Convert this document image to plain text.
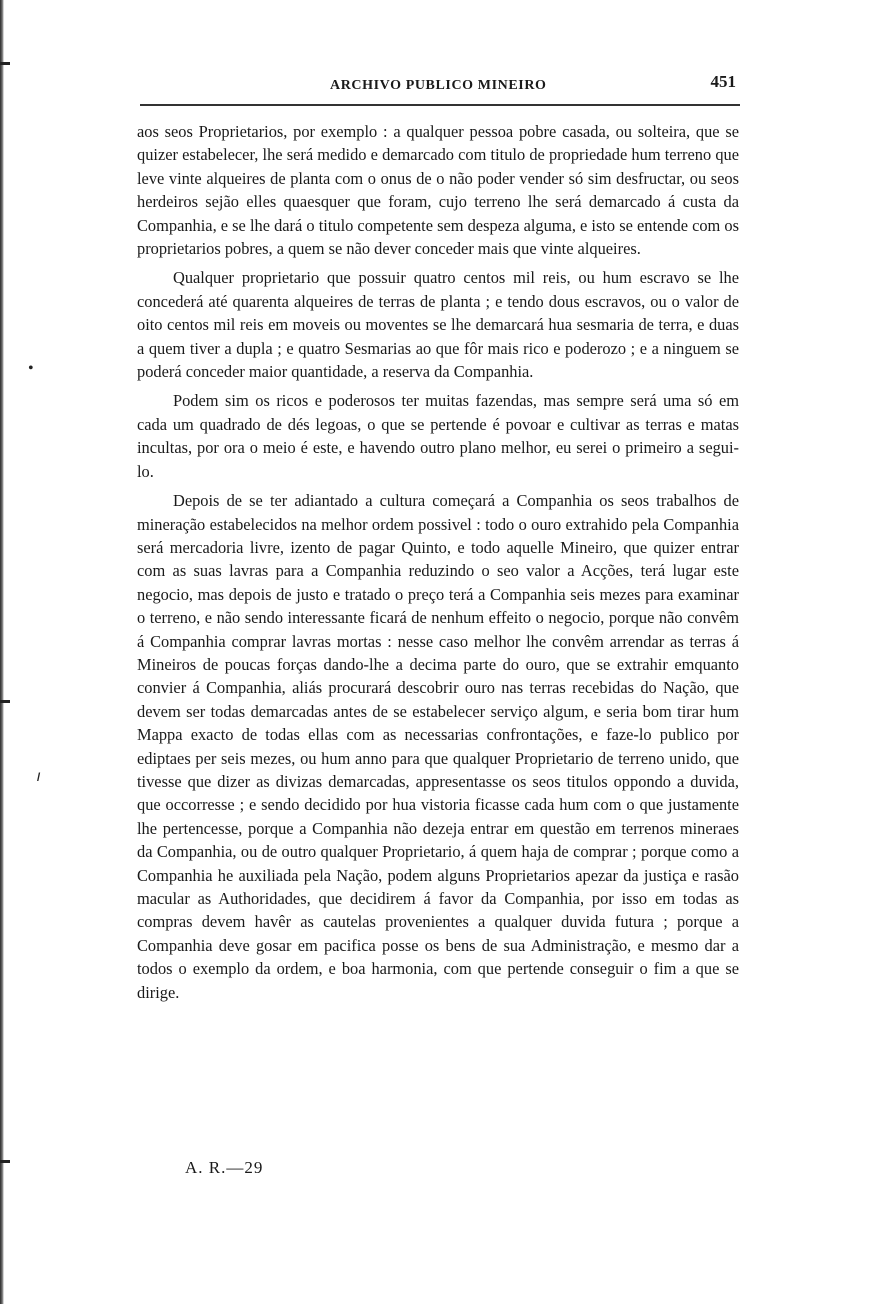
ARCHIVO PUBLICO MINEIRO	451
•
𝚤

aos seos Proprietarios, por exemplo : a qualquer pessoa pobre casada, ou solteira, que se quizer estabelecer, lhe será medido e demarcado com titulo de propriedade hum terreno que leve vinte alqueires de planta com o onus de o não poder vender só sim desfructar, ou seos herdeiros sejão elles quaesquer que foram, cujo terreno lhe será demarcado á custa da Companhia, e se lhe dará o titulo competente sem despeza alguma, e isto se entende com os proprietarios pobres, a quem se não dever conceder mais que vinte alqueires.

Qualquer proprietario que possuir quatro centos mil reis, ou hum escravo se lhe concederá até quarenta alqueires de terras de planta ; e tendo dous escravos, ou o valor de oito centos mil reis em moveis ou moventes se lhe demarcará hua sesmaria de terra, e duas a quem tiver a dupla ; e quatro Sesmarias ao que fôr mais rico e poderozo ; e a ninguem se poderá conceder maior quantidade, a reserva da Companhia.

Podem sim os ricos e poderosos ter muitas fazendas, mas sempre será uma só em cada um quadrado de dés legoas, o que se pertende é povoar e cultivar as terras e matas incultas, por ora o meio é este, e havendo outro plano melhor, eu serei o primeiro a segui-lo.

Depois de se ter adiantado a cultura começará a Companhia os seos trabalhos de mineração estabelecidos na melhor ordem possivel : todo o ouro extrahido pela Companhia será mercadoria livre, izento de pagar Quinto, e todo aquelle Mineiro, que quizer entrar com as suas lavras para a Companhia reduzindo o seo valor a Acções, terá lugar este negocio, mas depois de justo e tratado o preço terá a Companhia seis mezes para examinar o terreno, e não sendo interessante ficará de nenhum effeito o negocio, porque não convêm á Companhia comprar lavras mortas : nesse caso melhor lhe convêm arrendar as terras á Mineiros de poucas forças dando-lhe a decima parte do ouro, que se extrahir emquanto convier á Companhia, aliás procurará descobrir ouro nas terras recebidas do Nação, que devem ser todas demarcadas antes de se estabelecer serviço algum, e seria bom tirar hum Mappa exacto de todas ellas com as necessarias confrontações, e faze-lo publico por ediptaes per seis mezes, ou hum anno para que qualquer Proprietario de terreno unido, que tivesse que dizer as divizas demarcadas, appresentasse os seos titulos oppondo a duvida, que occorresse ; e sendo decidido por hua vistoria ficasse cada hum com o que justamente lhe pertencesse, porque a Companhia não dezeja entrar em questão em terrenos mineraes da Companhia, ou de outro qualquer Proprietario, á quem haja de comprar ; porque como a Companhia he auxiliada pela Nação, podem alguns Proprietarios apezar da justiça e rasão macular as Authoridades, que decidirem á favor da Companhia, por isso em todas as compras devem havêr as cautelas provenientes a qualquer duvida futura ; porque a Companhia deve gosar em pacifica posse os bens de sua Administração, e mesmo dar a todos o exemplo da ordem, e boa harmonia, com que pertende conseguir o fim a que se dirige.

A. R.—29
